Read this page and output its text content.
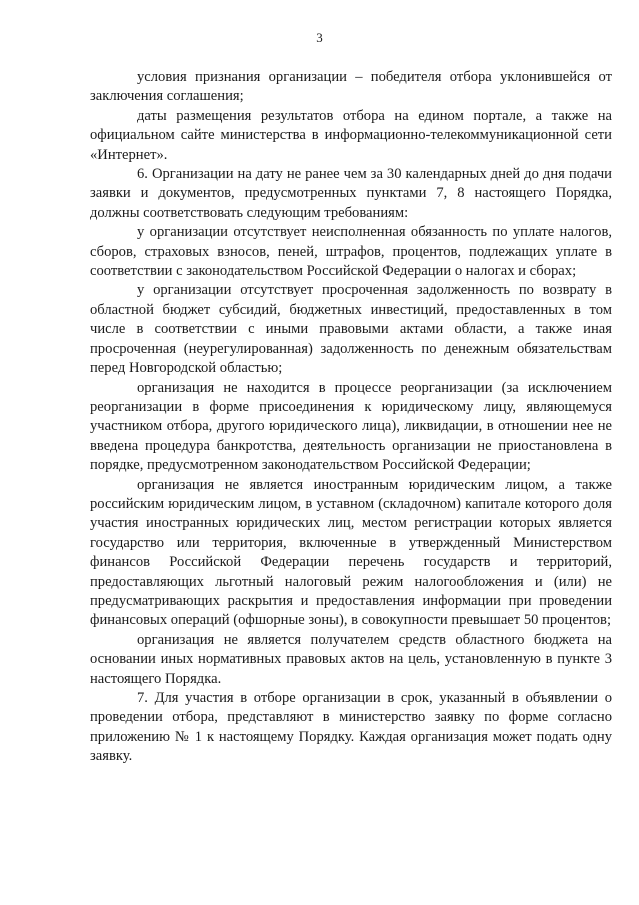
3

условия признания организации – победителя отбора уклонившейся от заключения соглашения;

даты размещения результатов отбора на едином портале, а также на официальном сайте министерства в информационно-телекоммуникационной сети «Интернет».

6. Организации на дату не ранее чем за 30 календарных дней до дня подачи заявки и документов, предусмотренных пунктами 7, 8 настоящего Порядка, должны соответствовать следующим требованиям:

у организации отсутствует неисполненная обязанность по уплате налогов, сборов, страховых взносов, пеней, штрафов, процентов, подлежащих уплате в соответствии с законодательством Российской Федерации о налогах и сборах;

у организации отсутствует просроченная задолженность по возврату в областной бюджет субсидий, бюджетных инвестиций, предоставленных в том числе в соответствии с иными правовыми актами области, а также иная просроченная (неурегулированная) задолженность по денежным обязательствам перед Новгородской областью;

организация не находится в процессе реорганизации (за исключением реорганизации в форме присоединения к юридическому лицу, являющемуся участником отбора, другого юридического лица), ликвидации, в отношении нее не введена процедура банкротства, деятельность организации не приостановлена в порядке, предусмотренном законодательством Российской Федерации;

организация не является иностранным юридическим лицом, а также российским юридическим лицом, в уставном (складочном) капитале которого доля участия иностранных юридических лиц, местом регистрации которых является государство или территория, включенные в утвержденный Министерством финансов Российской Федерации перечень государств и территорий, предоставляющих льготный налоговый режим налогообложения и (или) не предусматривающих раскрытия и предоставления информации при проведении финансовых операций (офшорные зоны), в совокупности превышает 50 процентов;

организация не является получателем средств областного бюджета на основании иных нормативных правовых актов на цель, установленную в пункте 3 настоящего Порядка.

7. Для участия в отборе организации в срок, указанный в объявлении о проведении отбора, представляют в министерство заявку по форме согласно приложению № 1 к настоящему Порядку. Каждая организация может подать одну заявку.
